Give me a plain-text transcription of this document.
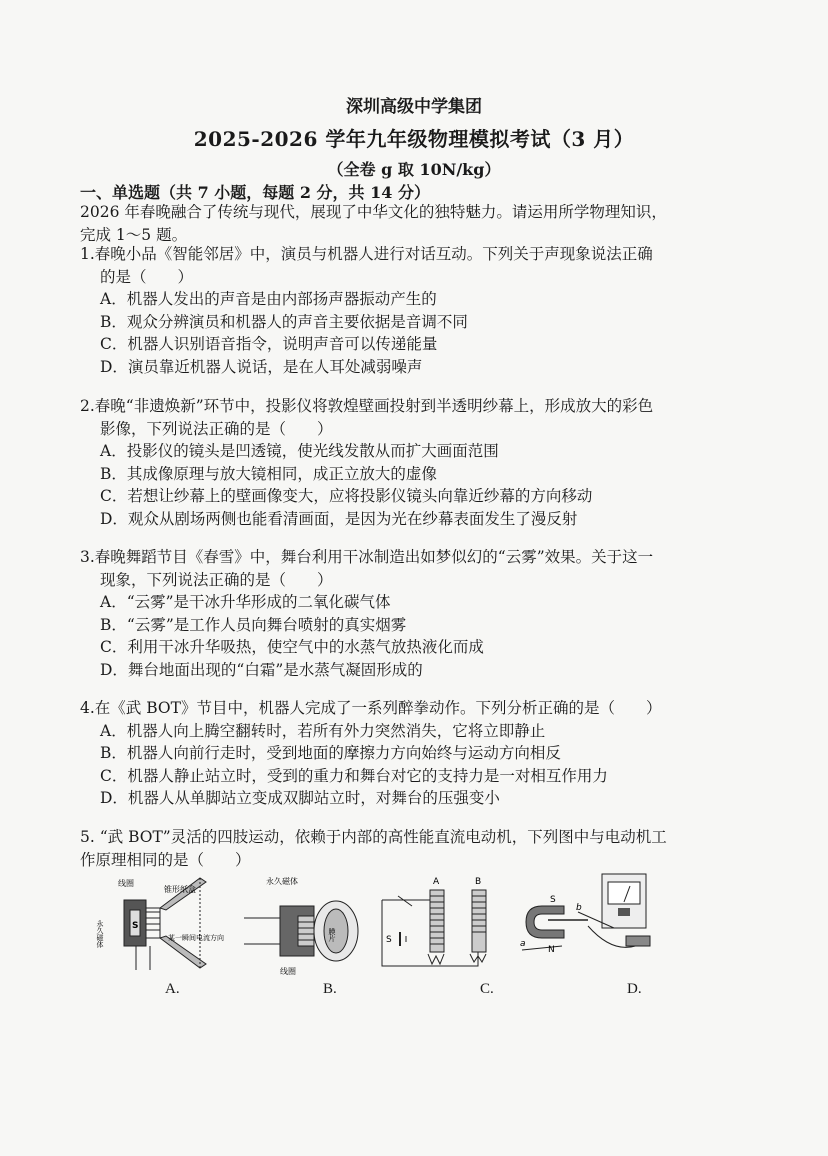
深圳高级中学集团
2025-2026 学年九年级物理模拟考试（3 月）
（全卷 g 取 10N/kg）
一、单选题（共 7 小题，每题 2 分，共 14 分）
2026 年春晚融合了传统与现代，展现了中华文化的独特魅力。请运用所学物理知识，
完成 1～5 题。

1.春晚小品《智能邻居》中，演员与机器人进行对话互动。下列关于声现象说法正确

的是（　　）

A．机器人发出的声音是由内部扬声器振动产生的

B．观众分辨演员和机器人的声音主要依据是音调不同

C．机器人识别语音指令，说明声音可以传递能量

D．演员靠近机器人说话，是在人耳处减弱噪声

2.春晚“非遗焕新”环节中，投影仪将敦煌壁画投射到半透明纱幕上，形成放大的彩色

影像，下列说法正确的是（　　）

A．投影仪的镜头是凹透镜，使光线发散从而扩大画面范围

B．其成像原理与放大镜相同，成正立放大的虚像

C．若想让纱幕上的壁画像变大，应将投影仪镜头向靠近纱幕的方向移动

D．观众从剧场两侧也能看清画面，是因为光在纱幕表面发生了漫反射

3.春晚舞蹈节目《春雪》中，舞台利用干冰制造出如梦似幻的“云雾”效果。关于这一

现象，下列说法正确的是（　　）

A．“云雾”是干冰升华形成的二氧化碳气体

B．“云雾”是工作人员向舞台喷射的真实烟雾

C．利用干冰升华吸热，使空气中的水蒸气放热液化而成

D．舞台地面出现的“白霜”是水蒸气凝固形成的

4.在《武 BOT》节目中，机器人完成了一系列醉拳动作。下列分析正确的是（　　）

A．机器人向上腾空翻转时，若所有外力突然消失，它将立即静止

B．机器人向前行走时，受到地面的摩擦力方向始终与运动方向相反

C．机器人静止站立时，受到的重力和舞台对它的支持力是一对相互作用力

D．机器人从单脚站立变成双脚站立时，对舞台的压强变小

5. “武 BOT”灵活的四肢运动，依赖于内部的高性能直流电动机，下列图中与电动机工

作原理相同的是（　　）

线圈
锥形纸盒
永久磁体	S
某一瞬间电流方向
永久磁体
线圈
膜片
A	B
S
S
N
a
b
A.	B.	C.	D.
